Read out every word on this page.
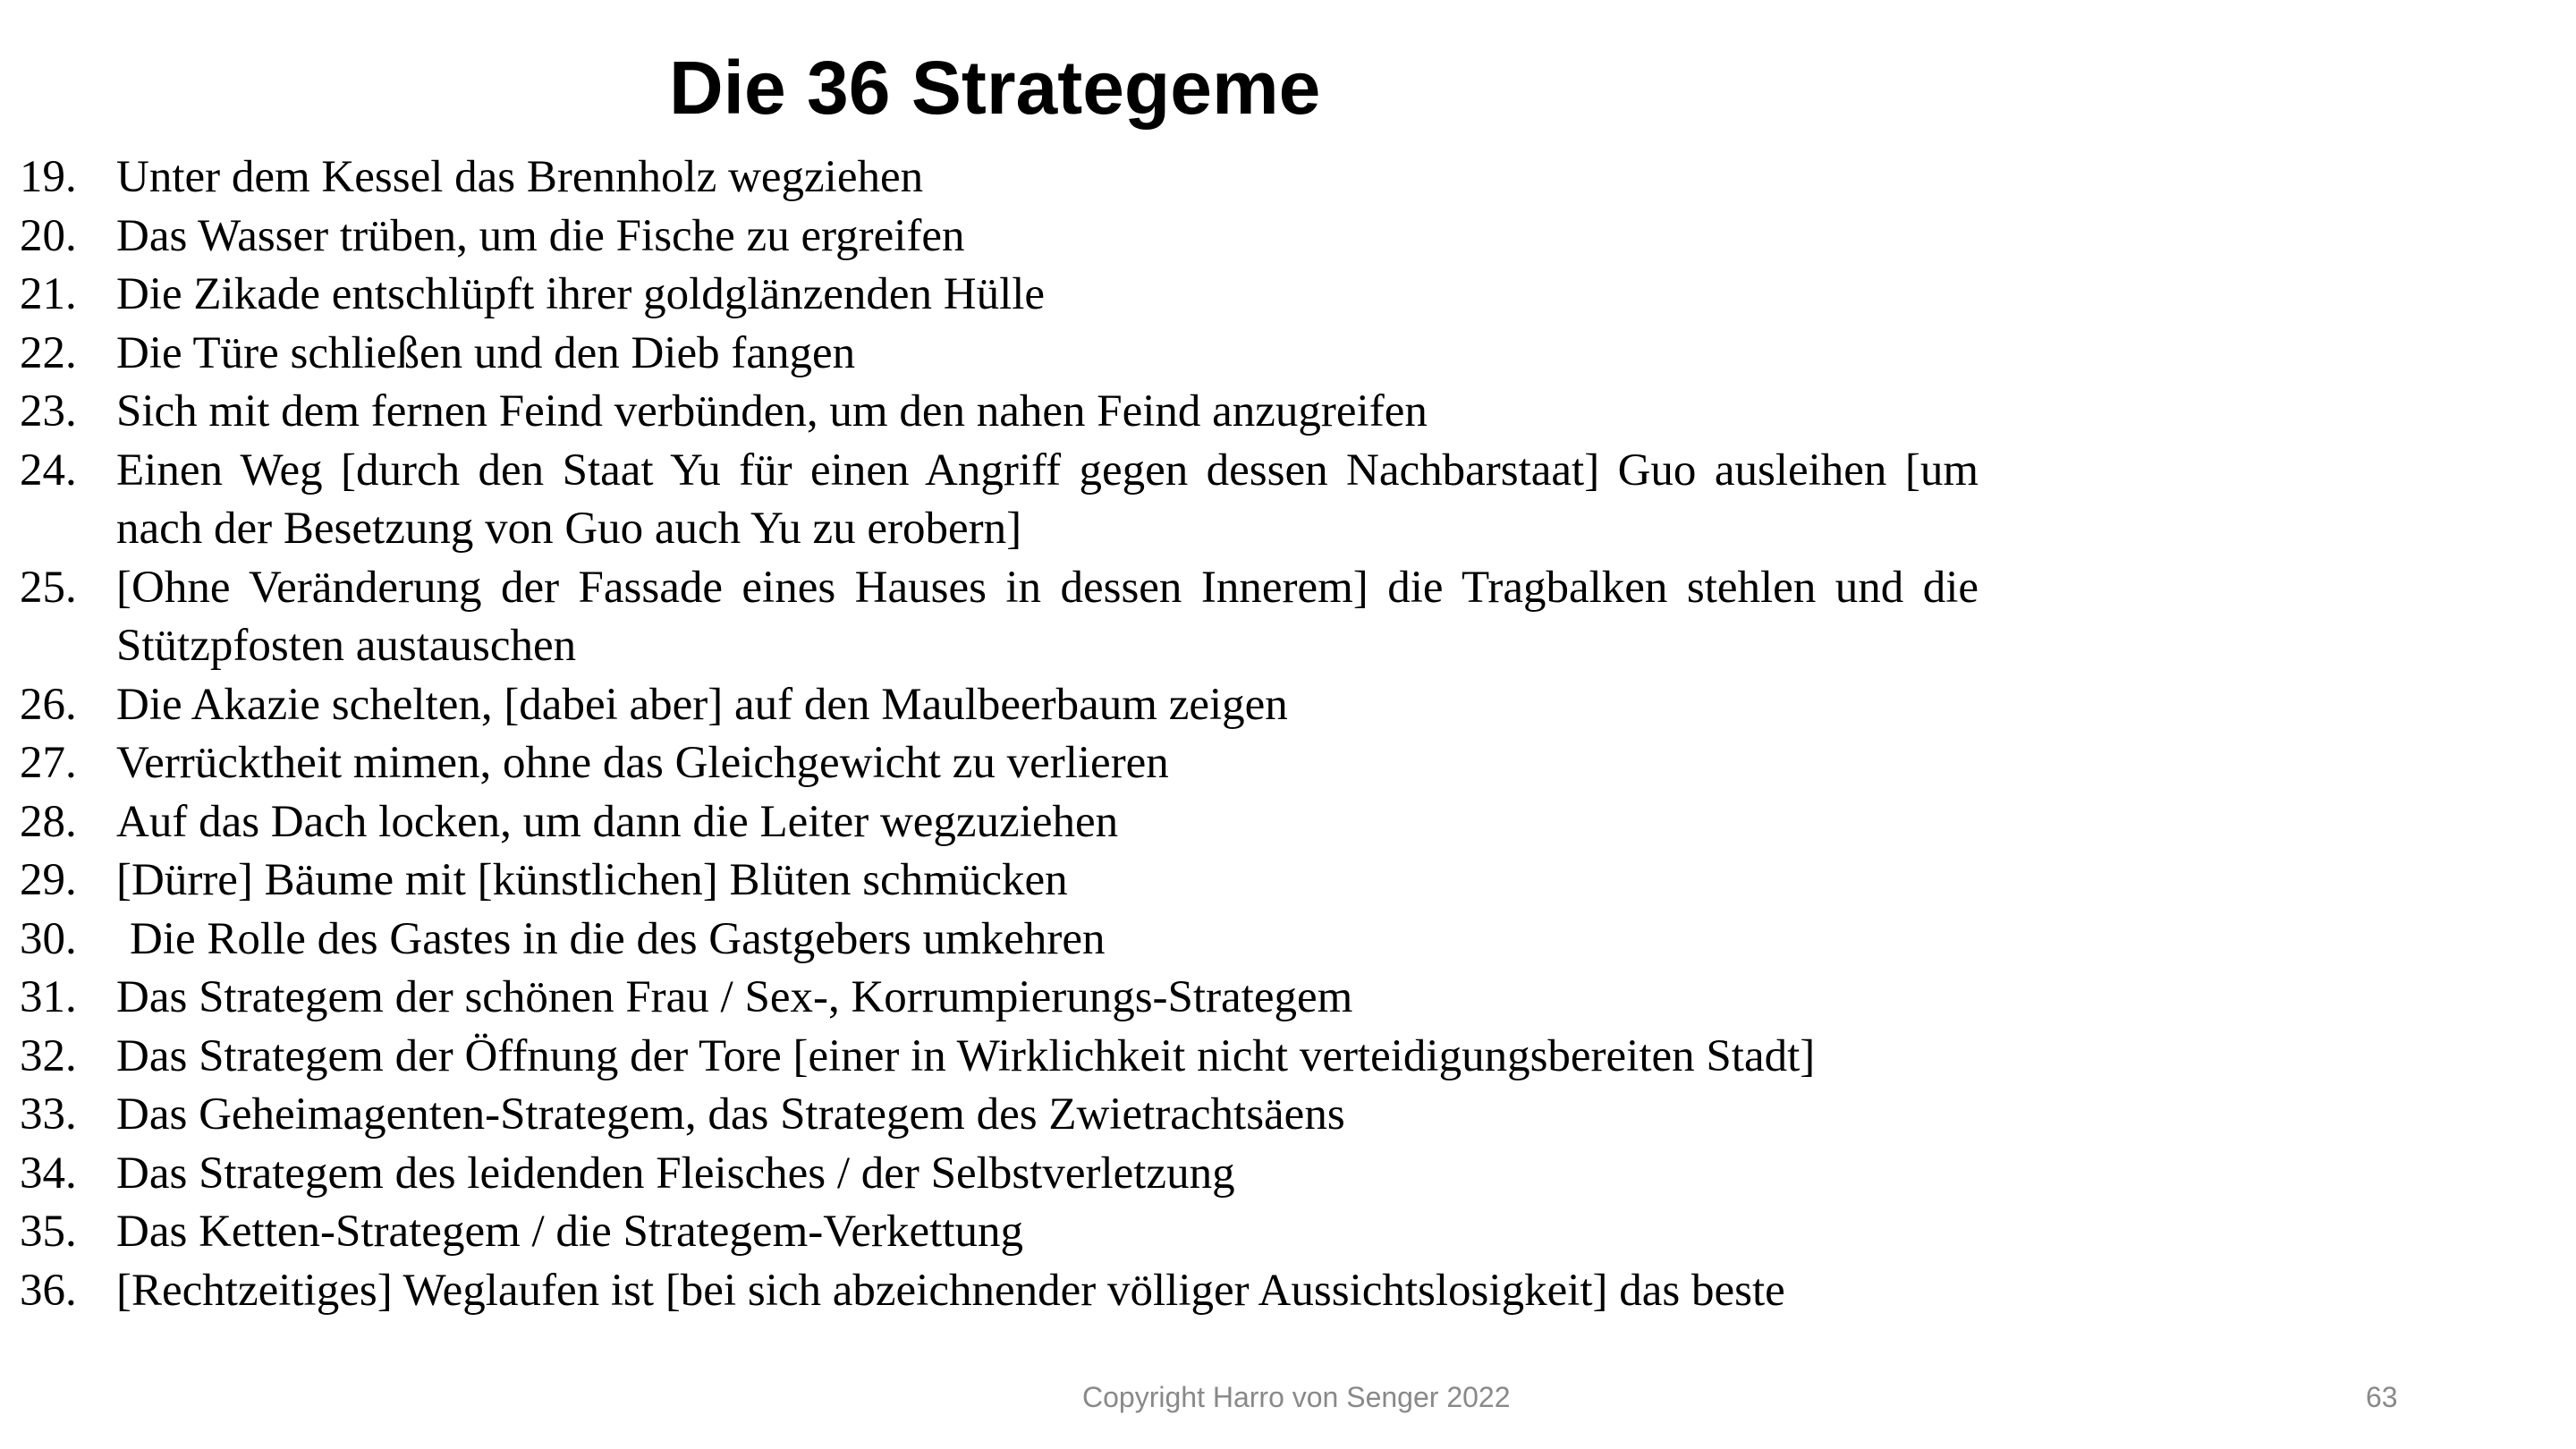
Die 36 Strategeme
19. Unter dem Kessel das Brennholz wegziehen
20. Das Wasser trüben, um die Fische zu ergreifen
21. Die Zikade entschlüpft ihrer goldglänzenden Hülle
22. Die Türe schließen und den Dieb fangen
23. Sich mit dem fernen Feind verbünden, um den nahen Feind anzugreifen
24. Einen Weg [durch den Staat Yu für einen Angriff gegen dessen Nachbarstaat] Guo ausleihen [um nach der Besetzung von Guo auch Yu zu erobern]
25. [Ohne Veränderung der Fassade eines Hauses in dessen Innerem] die Tragbalken stehlen und die Stützpfosten austauschen
26. Die Akazie schelten, [dabei aber] auf den Maulbeerbaum zeigen
27. Verrücktheit mimen, ohne das Gleichgewicht zu verlieren
28. Auf das Dach locken, um dann die Leiter wegzuziehen
29. [Dürre] Bäume mit [künstlichen] Blüten schmücken
30.	Die Rolle des Gastes in die des Gastgebers umkehren
31. Das Strategem der schönen Frau / Sex-, Korrumpierungs-Strategem
32. Das Strategem der Öffnung der Tore [einer in Wirklichkeit nicht verteidigungsbereiten Stadt]
33. Das Geheimagenten-Strategem, das Strategem des Zwietrachtsäens
34. Das Strategem des leidenden Fleisches / der Selbstverletzung
35. Das Ketten-Strategem / die Strategem-Verkettung
36. [Rechtzeitiges] Weglaufen ist [bei sich abzeichnender völliger Aussichtslosigkeit] das beste
Copyright Harro von Senger 2022	63
